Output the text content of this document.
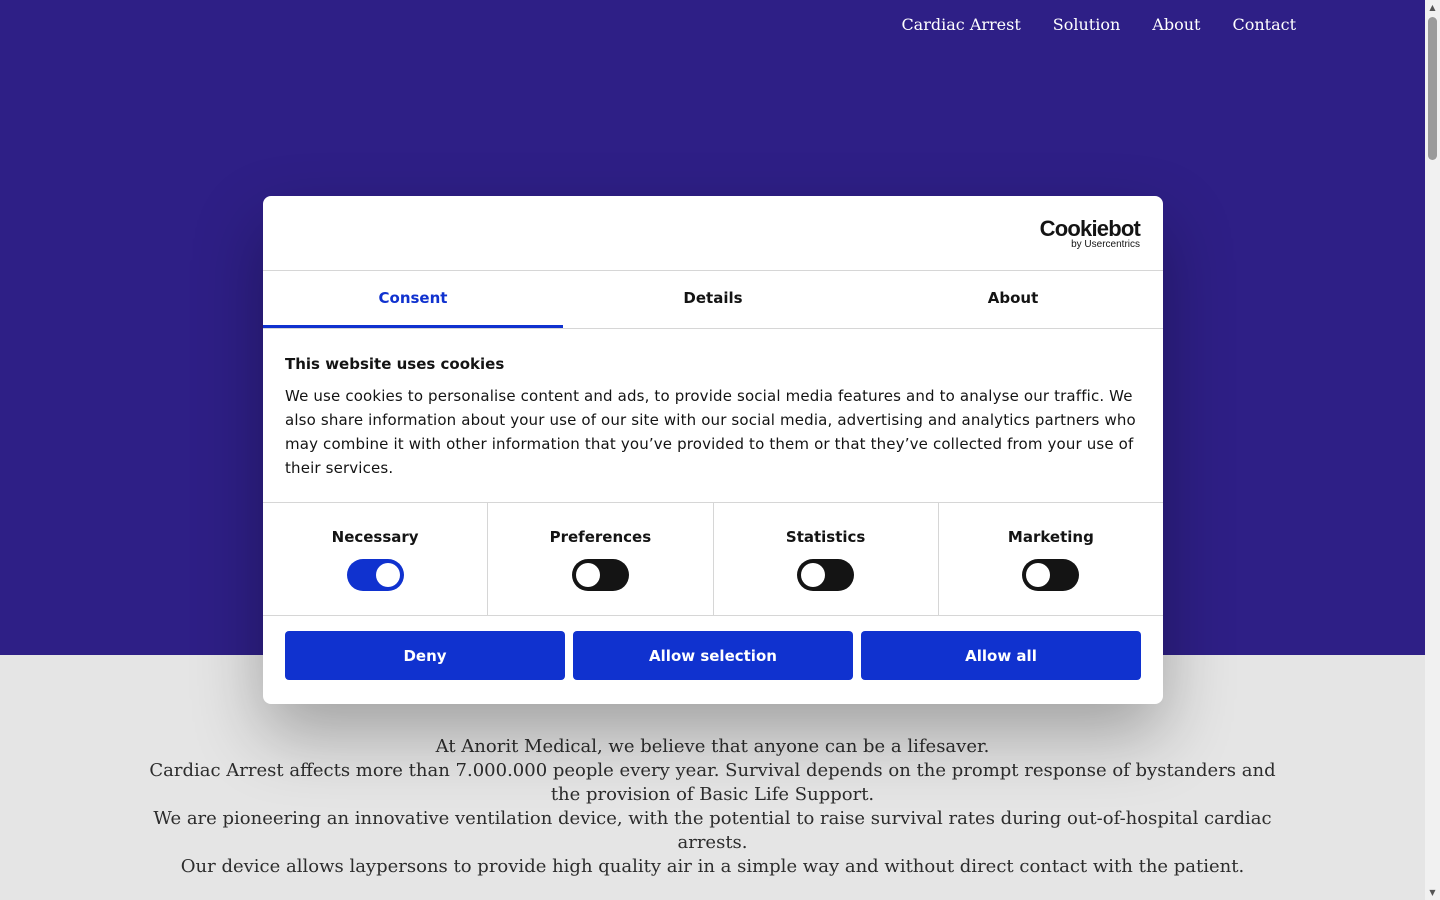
Cardiac Arrest Solution About Contact

At Anorit Medical, we believe that anyone can be a lifesaver.

Cardiac Arrest affects more than 7.000.000 people every year. Survival depends on the prompt response of bystanders and the provision of Basic Life Support.

We are pioneering an innovative ventilation device, with the potential to raise survival rates during out-of-hospital cardiac arrests.

Our device allows laypersons to provide high quality air in a simple way and without direct contact with the patient.

▲
▼
Cookiebot
by Usercentrics
Consent	Details	About
This website uses cookies
We use cookies to personalise content and ads, to provide social media features and to analyse our traffic. We also share information about your use of our site with our social media, advertising and analytics partners who may combine it with other information that you’ve provided to them or that they’ve collected from your use of their services.
Necessary	Preferences	Statistics	Marketing
Deny	Allow selection	Allow all
